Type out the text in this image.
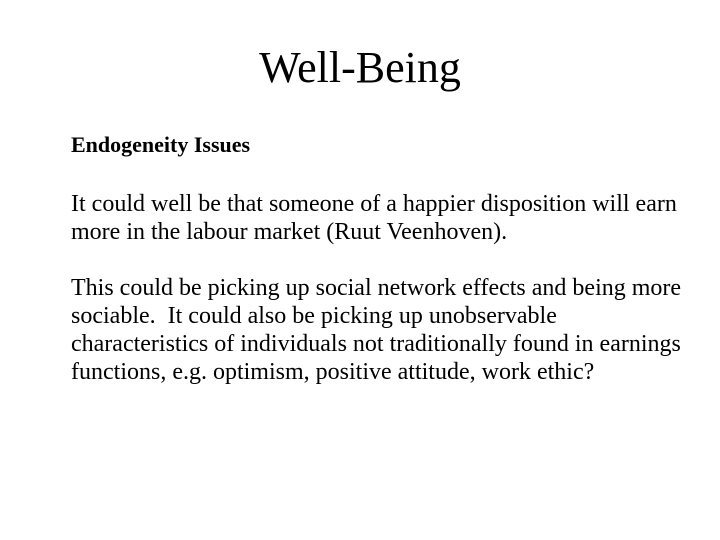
Well-Being

Endogeneity Issues

It could well be that someone of a happier disposition will earn more in the labour market (Ruut Veenhoven).

This could be picking up social network effects and being more sociable.  It could also be picking up unobservable characteristics of individuals not traditionally found in earnings functions, e.g. optimism, positive attitude, work ethic?
